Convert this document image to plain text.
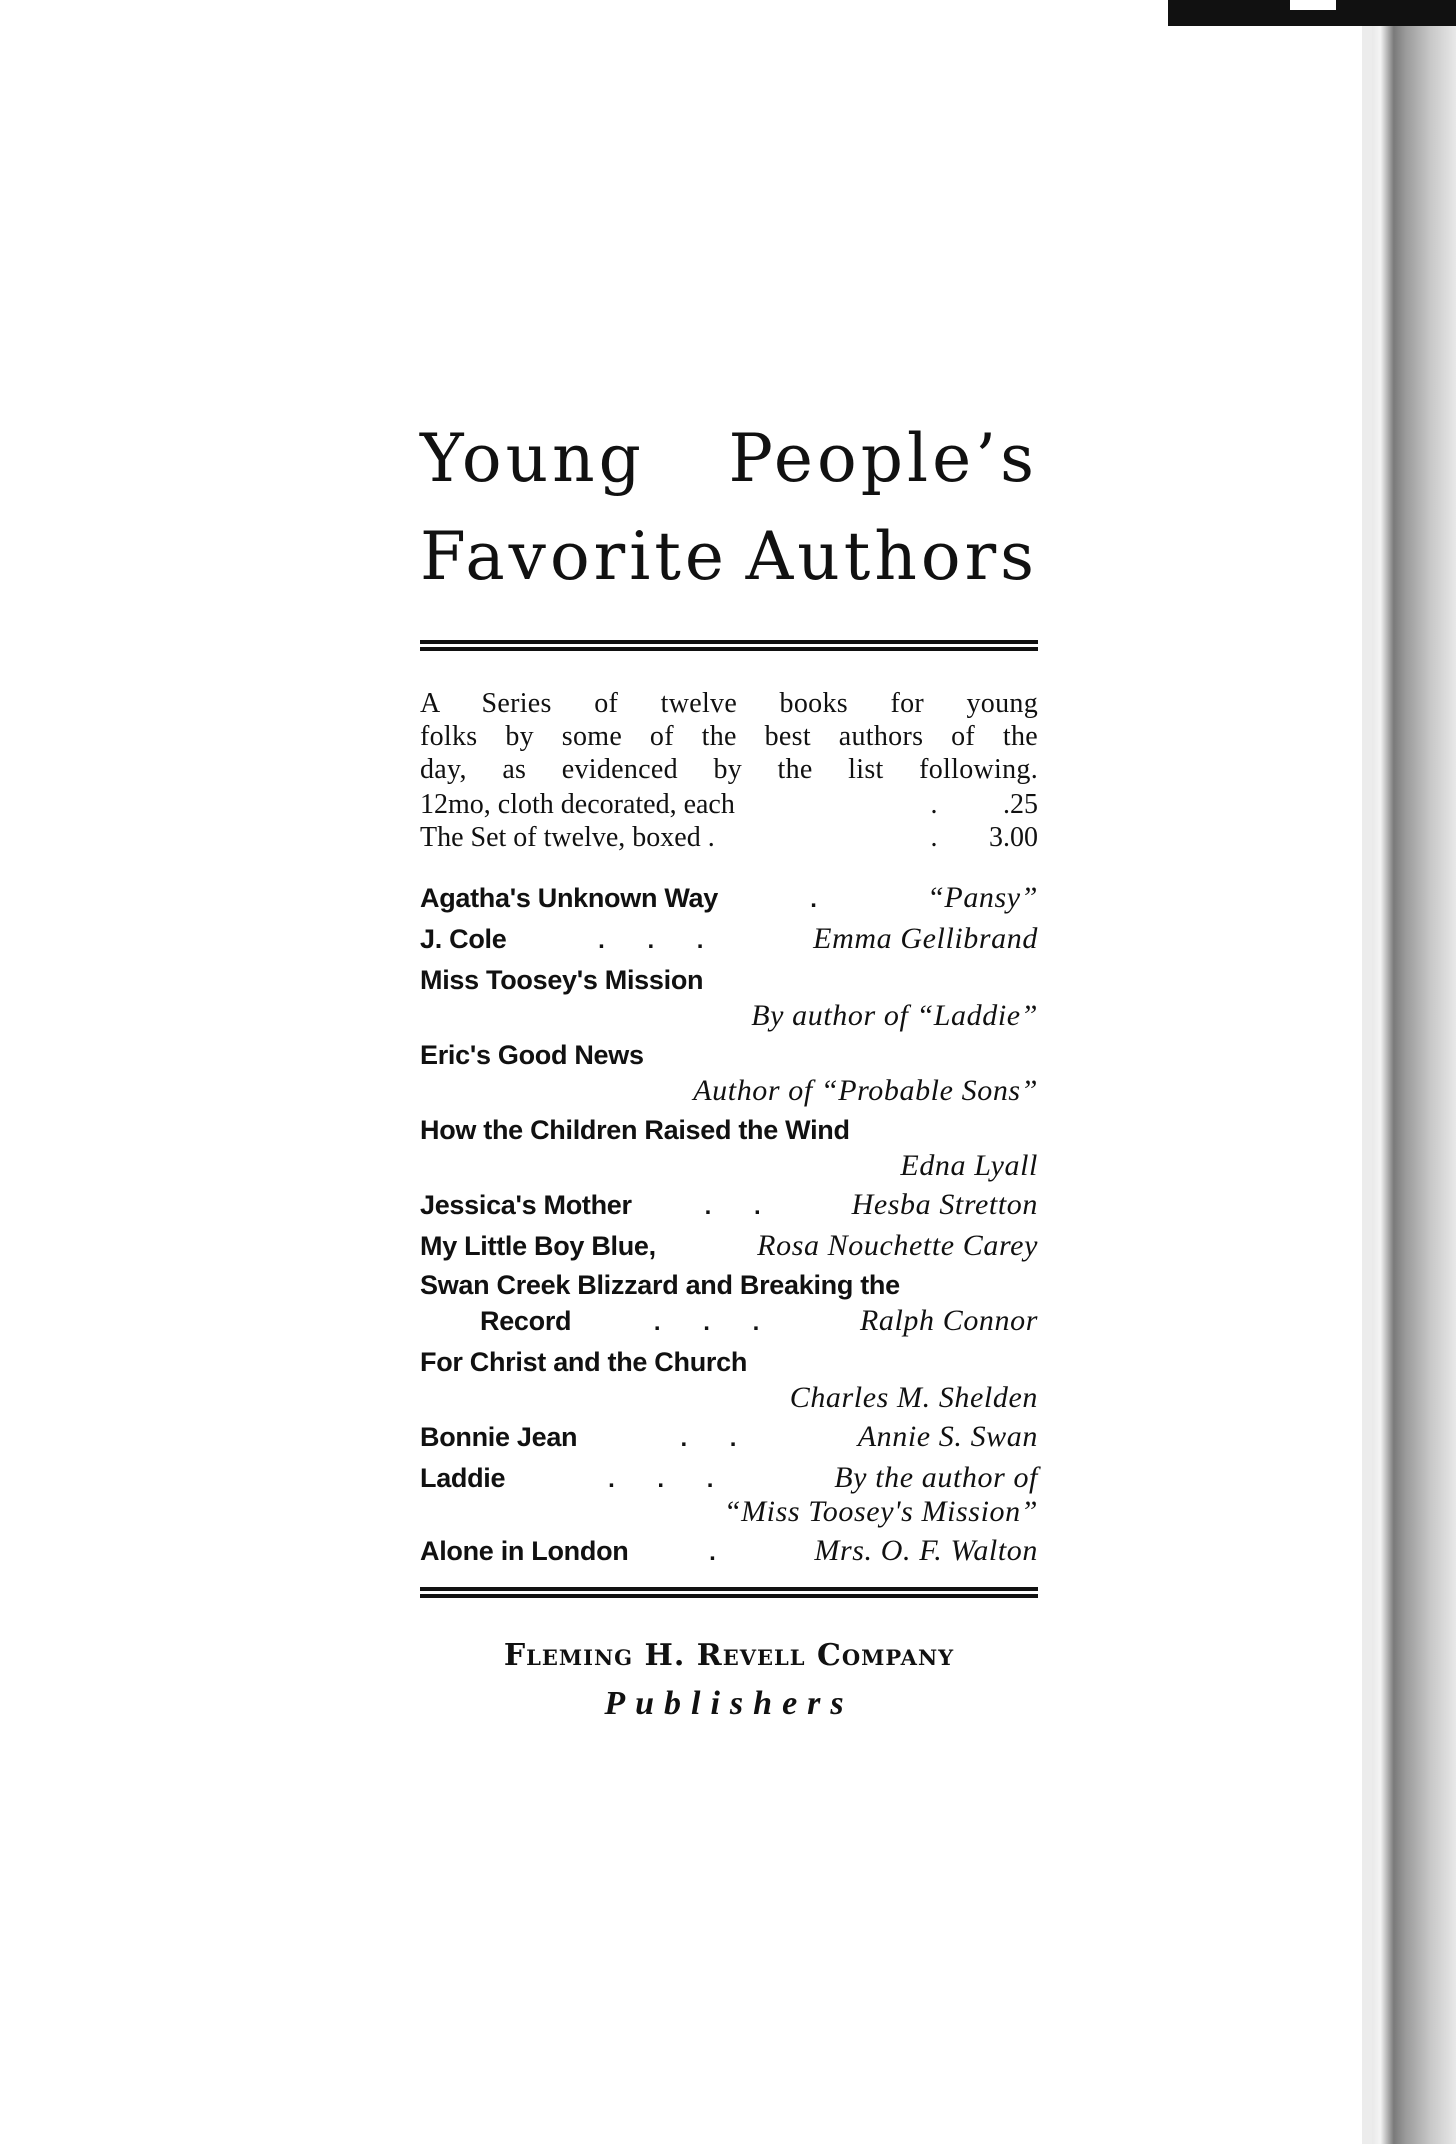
Young People’s
Favorite Authors
A Series of twelve books for young
folks by some of the best authors of the
day, as evidenced by the list following.
12mo, cloth decorated, each	.	.25
The Set of twelve, boxed .	.	3.00
Agatha's Unknown Way	.	“Pansy”
J. Cole	. . .	Emma Gellibrand
Miss Toosey's Mission
By author of “Laddie”
Eric's Good News
Author of “Probable Sons”
How the Children Raised the Wind
Edna Lyall
Jessica's Mother	. .	Hesba Stretton
My Little Boy Blue,	Rosa Nouchette Carey
Swan Creek Blizzard and Breaking the
Record	. . .	Ralph Connor
For Christ and the Church
Charles M. Shelden
Bonnie Jean	. .	Annie S. Swan
Laddie	. . .	By the author of
“Miss Toosey's Mission”
Alone in London	.	Mrs. O. F. Walton
Fleming H. Revell Company
Publishers
